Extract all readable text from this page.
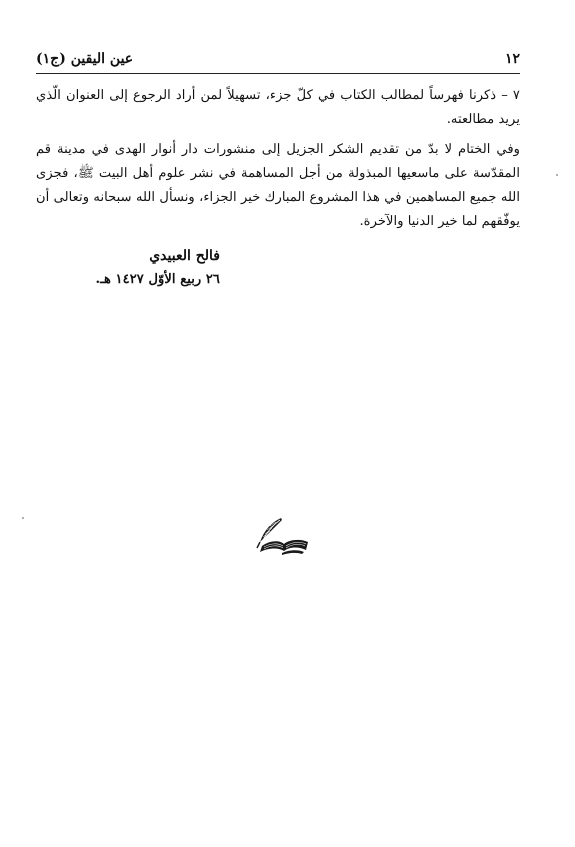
١٢
عين اليقين (ج١)

٧ – ذكرنا فهرساً لمطالب الكتاب في كلّ جزء، تسهيلاً لمن أراد الرجوع إلى العنوان الّذي يريد مطالعته.

وفي الختام لا بدّ من تقديم الشكر الجزيل إلى منشورات دار أنوار الهدى في مدينة قم المقدّسة على ماسعيها المبذولة من أجل المساهمة في نشر علوم أهل البيت ﷺ، فجزى الله جميع المساهمين في هذا المشروع المبارك خير الجزاء، ونسأل الله سبحانه وتعالى أن يوفّقهم لما خير الدنيا والآخرة.

فالح العبيدي
٢٦ ربيع الأوّل ١٤٢٧ هـ.
